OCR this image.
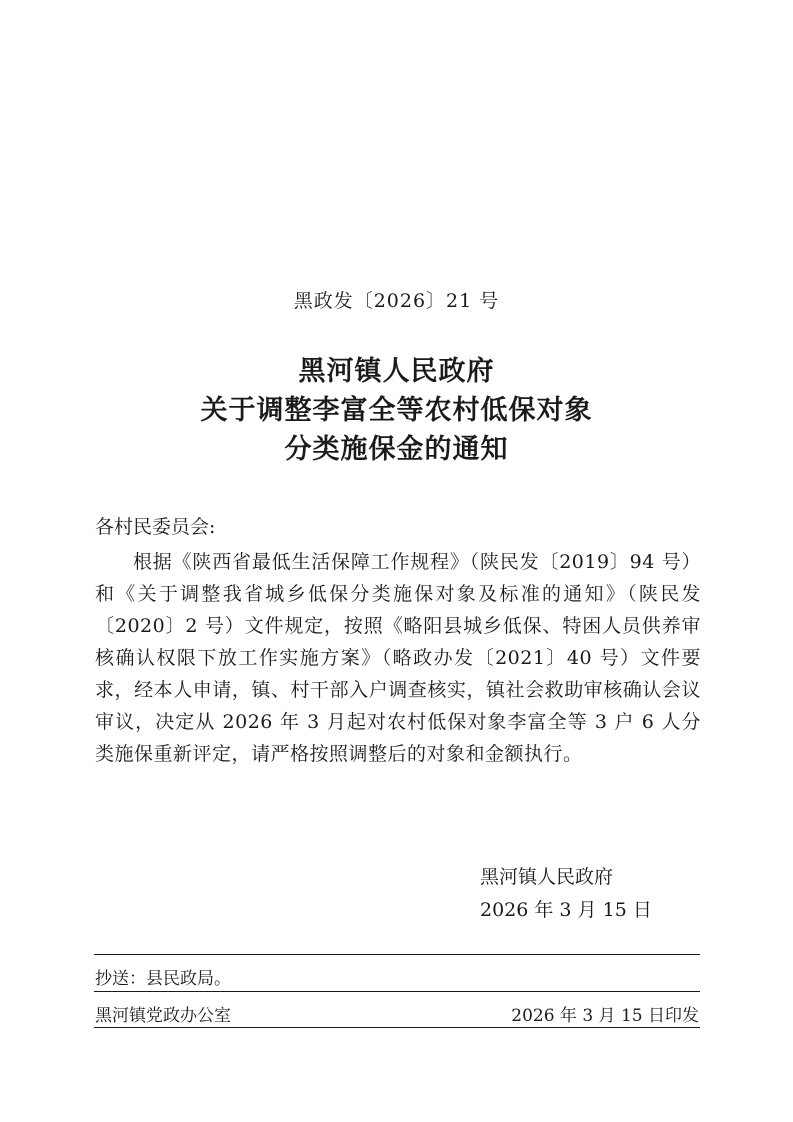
黑政发〔2026〕21 号
黑河镇人民政府
关于调整李富全等农村低保对象
分类施保金的通知
各村民委员会:
根据《陕西省最低生活保障工作规程》（陕民发〔2019〕94 号）和《关于调整我省城乡低保分类施保对象及标准的通知》（陕民发〔2020〕2 号）文件规定，按照《略阳县城乡低保、特困人员供养审核确认权限下放工作实施方案》（略政办发〔2021〕40 号）文件要求，经本人申请，镇、村干部入户调查核实，镇社会救助审核确认会议审议，决定从 2026 年 3 月起对农村低保对象李富全等 3 户 6 人分类施保重新评定，请严格按照调整后的对象和金额执行。
黑河镇人民政府
2026 年 3 月 15 日
抄送：县民政局。
黑河镇党政办公室	2026 年 3 月 15 日印发
